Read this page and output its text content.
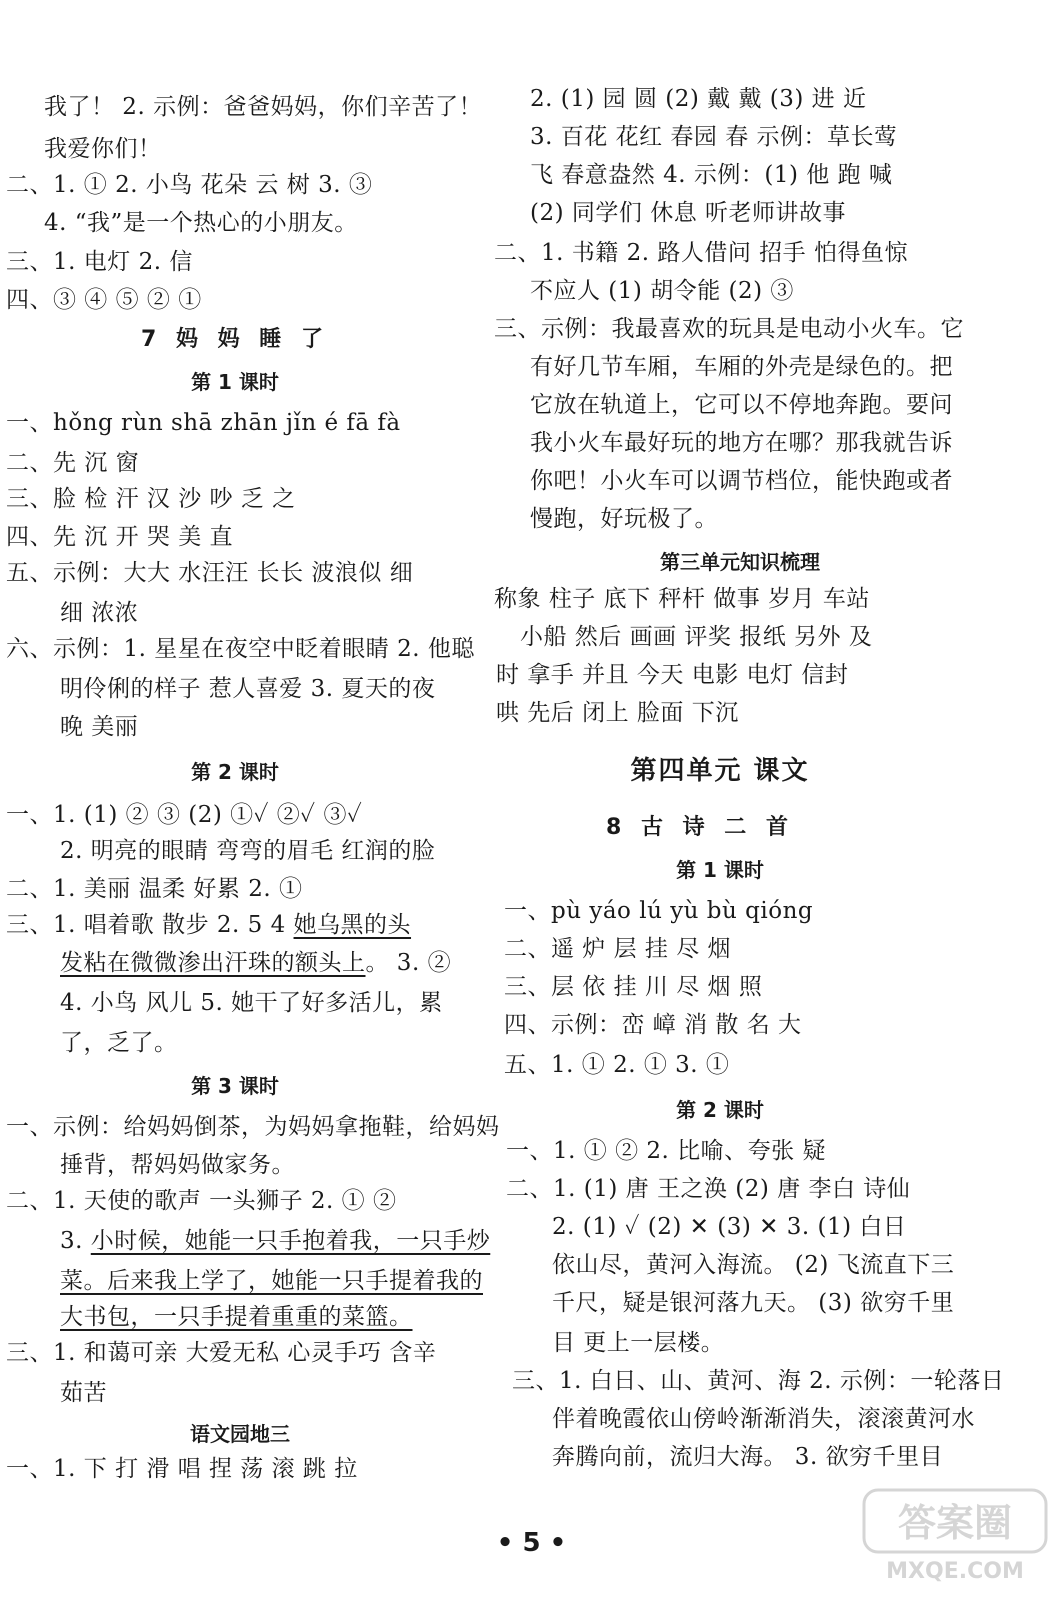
我了！ 2. 示例：爸爸妈妈，你们辛苦了！
我爱你们！
二、1. ① 2. 小鸟 花朵 云 树 3. ③
4. “我”是一个热心的小朋友。
三、1. 电灯 2. 信
四、③ ④ ⑤ ② ①
7 妈 妈 睡 了
第 1 课时
一、hǒng rùn shā zhān jǐn é fā fà
二、先 沉 窗
三、脸 检 汗 汉 沙 吵 乏 之
四、先 沉 开 哭 美 直
五、示例：大大 水汪汪 长长 波浪似 细
细 浓浓
六、示例：1. 星星在夜空中眨着眼睛 2. 他聪
明伶俐的样子 惹人喜爱 3. 夏天的夜
晚 美丽
第 2 课时
一、1. (1) ② ③ (2) ①✓ ②✓ ③✓
2. 明亮的眼睛 弯弯的眉毛 红润的脸
二、1. 美丽 温柔 好累 2. ①
三、1. 唱着歌 散步 2. 5 4 她乌黑的头
发粘在微微渗出汗珠的额头上。 3. ②
4. 小鸟 风儿 5. 她干了好多活儿，累
了，乏了。
第 3 课时
一、示例：给妈妈倒茶，为妈妈拿拖鞋，给妈妈
捶背，帮妈妈做家务。
二、1. 天使的歌声 一头狮子 2. ① ②
3. 小时候，她能一只手抱着我，一只手炒
菜。后来我上学了，她能一只手提着我的
大书包，一只手提着重重的菜篮。
三、1. 和蔼可亲 大爱无私 心灵手巧 含辛
茹苦
语文园地三
一、1. 下 打 滑 唱 捏 荡 滚 跳 拉
2. (1) 园 圆 (2) 戴 戴 (3) 进 近
3. 百花 花红 春园 春 示例：草长莺
飞 春意盎然 4. 示例：(1) 他 跑 喊
(2) 同学们 休息 听老师讲故事
二、1. 书籍 2. 路人借问 招手 怕得鱼惊
不应人 (1) 胡令能 (2) ③
三、示例：我最喜欢的玩具是电动小火车。它
有好几节车厢，车厢的外壳是绿色的。把
它放在轨道上，它可以不停地奔跑。要问
我小火车最好玩的地方在哪？那我就告诉
你吧！小火车可以调节档位，能快跑或者
慢跑，好玩极了。
第三单元知识梳理
称象 柱子 底下 秤杆 做事 岁月 车站
小船 然后 画画 评奖 报纸 另外 及
时 拿手 并且 今天 电影 电灯 信封
哄 先后 闭上 脸面 下沉
第四单元 课文
8 古 诗 二 首
第 1 课时
一、pù yáo lú yù bù qióng
二、遥 炉 层 挂 尽 烟
三、层 依 挂 川 尽 烟 照
四、示例：峦 嶂 消 散 名 大
五、1. ① 2. ① 3. ①
第 2 课时
一、1. ① ② 2. 比喻、夸张 疑
二、1. (1) 唐 王之涣 (2) 唐 李白 诗仙
2. (1) ✓ (2) ✕ (3) ✕ 3. (1) 白日
依山尽，黄河入海流。 (2) 飞流直下三
千尺，疑是银河落九天。 (3) 欲穷千里
目 更上一层楼。
三、1. 白日、山、黄河、海 2. 示例：一轮落日
伴着晚霞依山傍岭渐渐消失，滚滚黄河水
奔腾向前，流归大海。 3. 欲穷千里目
• 5 •	答案圈
MXQE.COM
